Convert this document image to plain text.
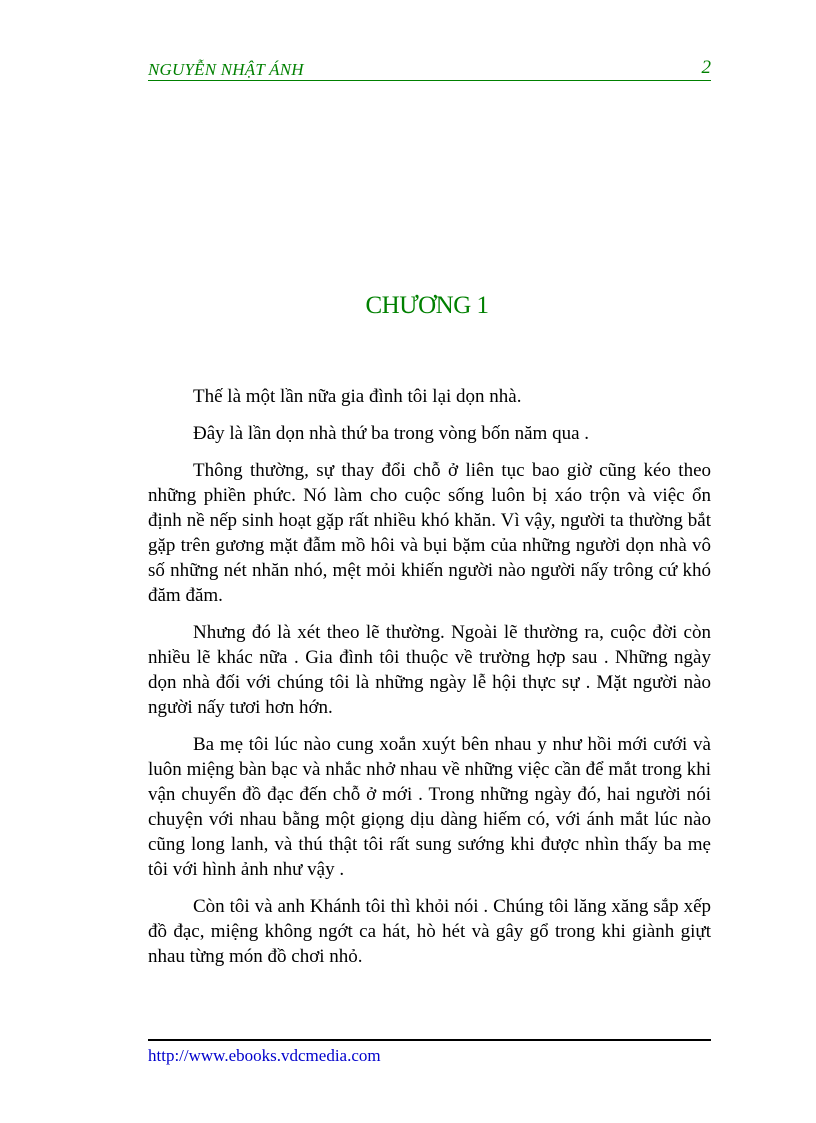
NGUYỄN NHẬT ÁNH	2
CHƯƠNG 1

Thế là một lần nữa gia đình tôi lại dọn nhà.

Đây là lần dọn nhà thứ ba trong vòng bốn năm qua .

Thông thường, sự thay đổi chỗ ở liên tục bao giờ cũng kéo theo những phiền phức. Nó làm cho cuộc sống luôn bị xáo trộn và việc ổn định nề nếp sinh hoạt gặp rất nhiều khó khăn. Vì vậy, người ta thường bắt gặp trên gương mặt đẫm mồ hôi và bụi bặm của những người dọn nhà vô số những nét nhăn nhó, mệt mỏi khiến người nào người nấy trông cứ khó đăm đăm.

Nhưng đó là xét theo lẽ thường. Ngoài lẽ thường ra, cuộc đời còn nhiều lẽ khác nữa . Gia đình tôi thuộc về trường hợp sau . Những ngày dọn nhà đối với chúng tôi là những ngày lễ hội thực sự . Mặt người nào người nấy tươi hơn hớn.

Ba mẹ tôi lúc nào cung xoắn xuýt bên nhau y như hồi mới cưới và luôn miệng bàn bạc và nhắc nhở nhau về những việc cần để mắt trong khi vận chuyển đồ đạc đến chỗ ở mới . Trong những ngày đó, hai người nói chuyện với nhau bằng một giọng dịu dàng hiếm có, với ánh mắt lúc nào cũng long lanh, và thú thật tôi rất sung sướng khi được nhìn thấy ba mẹ tôi với hình ảnh như vậy .

Còn tôi và anh Khánh tôi thì khỏi nói . Chúng tôi lăng xăng sắp xếp đồ đạc, miệng không ngớt ca hát, hò hét và gây gổ trong khi giành giựt nhau từng món đồ chơi nhỏ.

http://www.ebooks.vdcmedia.com
